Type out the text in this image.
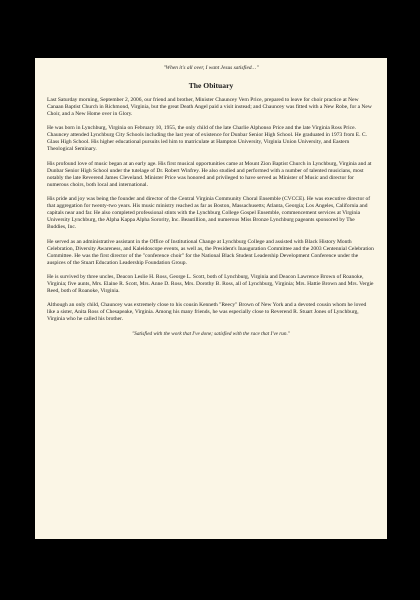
"When it's all over, I want Jesus satisfied…"

The Obituary

Last Saturday morning, September 2, 2006, our friend and brother, Minister Chauncey Vern Price, prepared to leave for choir practice at New Canaan Baptist Church in Richmond, Virginia, but the great Death Angel paid a visit instead; and Chauncey was fitted with a New Robe, for a New Choir, and a New Home over in Glory.

He was born in Lynchburg, Virginia on February 10, 1955, the only child of the late Charlie Alphonso Price and the late Virginia Ross Price. Chauncey attended Lynchburg City Schools including the last year of existence for Dunbar Senior High School. He graduated in 1973 from E. C. Glass High School. His higher educational pursuits led him to matriculate at Hampton University, Virginia Union University, and Eastern Theological Seminary.

His profound love of music began at an early age. His first musical opportunities came at Mount Zion Baptist Church in Lynchburg, Virginia and at Dunbar Senior High School under the tutelage of Dr. Robert Winfrey. He also studied and performed with a number of talented musicians, most notably the late Reverend James Cleveland. Minister Price was honored and privileged to have served as Minister of Music and director for numerous choirs, both local and international.

His pride and joy was being the founder and director of the Central Virginia Community Choral Ensemble (CVCCE). He was executive director of that aggregation for twenty-two years. His music ministry reached as far as Boston, Massachusetts; Atlanta, Georgia; Los Angeles, California and capitals near and far. He also completed professional stints with the Lynchburg College Gospel Ensemble, commencement services at Virginia University Lynchburg, the Alpha Kappa Alpha Sorority, Inc. Beautillion, and numerous Miss Bronze Lynchburg pageants sponsored by The Buddies, Inc.

He served as an administrative assistant in the Office of Institutional Change at Lynchburg College and assisted with Black History Month Celebration, Diversity Awareness, and Kaleidoscope events, as well as, the President's Inauguration Committee and the 2003 Centennial Celebration Committee. He was the first director of the "conference choir" for the National Black Student Leadership Development Conference under the auspices of the Stuart Education Leadership Foundation Group.

He is survived by three uncles, Deacon Leslie H. Ross, George L. Scott, both of Lynchburg, Virginia and Deacon Lawrence Brown of Roanoke, Virginia; five aunts, Mrs. Elaine R. Scott, Mrs. Anne D. Ross, Mrs. Dorothy B. Ross, all of Lynchburg, Virginia; Mrs. Hattie Brown and Mrs. Vergie Reed, both of Roanoke, Virginia.

Although an only child, Chauncey was extremely close to his cousin Kenneth "Reecy" Brown of New York and a devoted cousin whom he loved like a sister, Anita Ross of Chesapeake, Virginia. Among his many friends, he was especially close to Reverend R. Stuart Jones of Lynchburg, Virginia who he called his brother.

"Satisfied with the work that I've done; satisfied with the race that I've run."
